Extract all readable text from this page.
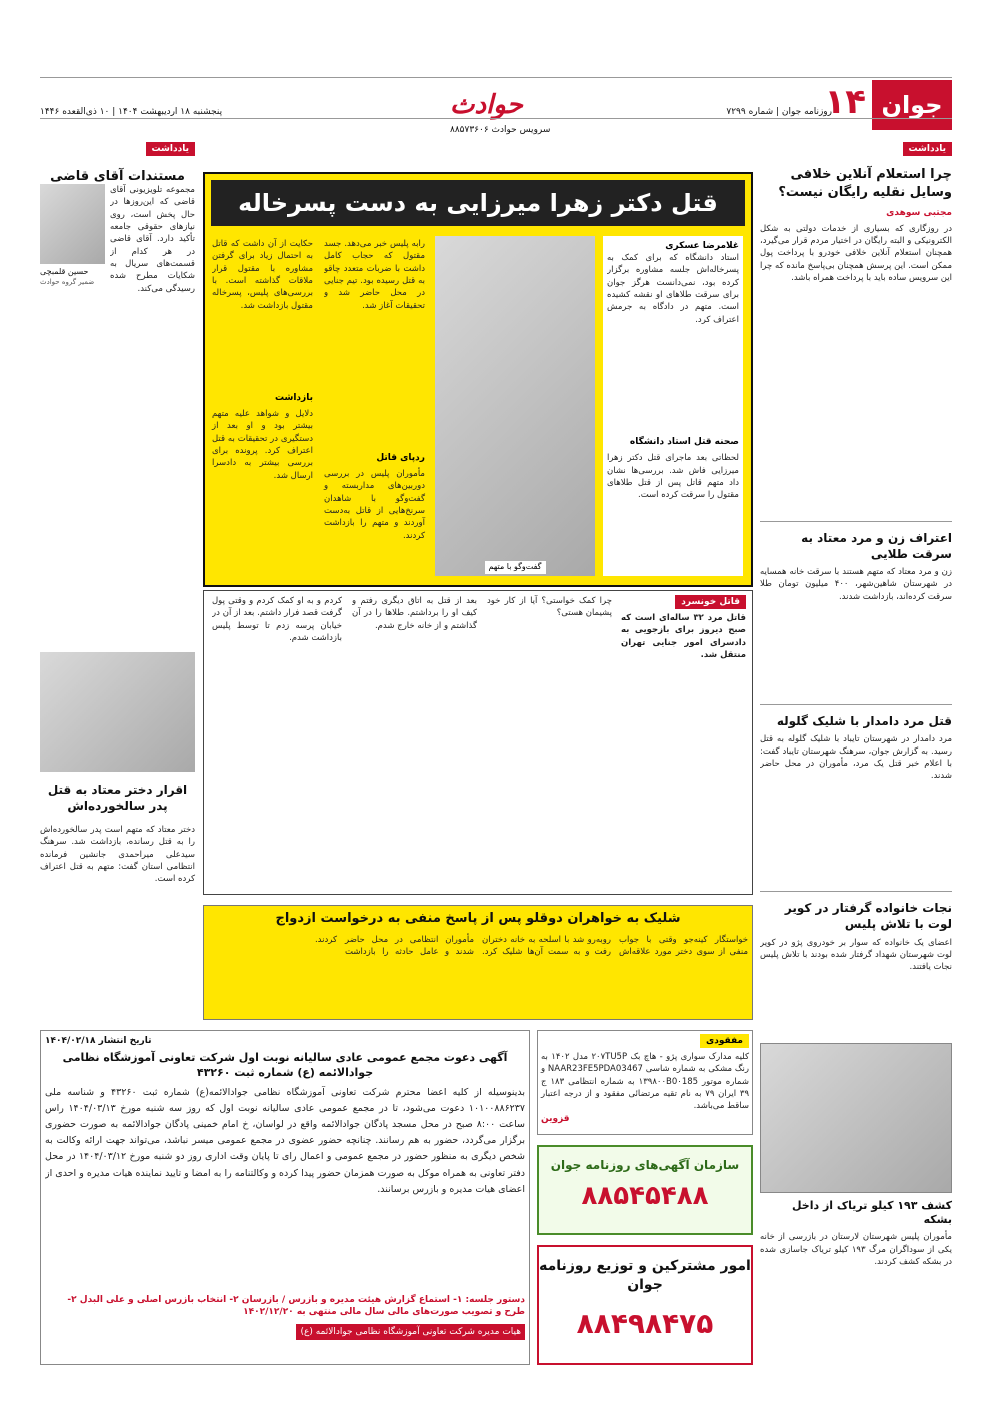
جوان
۱۴
حوادث
سرویس حوادث ۸۸۵۷۳۶۰۶
روزنامه جوان | شماره ۷۲۹۹
پنجشنبه ۱۸ اردیبهشت ۱۴۰۴ | ۱۰ ذی‌القعده ۱۴۴۶
یادداشت
چرا استعلام آنلاین خلافی وسایل نقلیه رایگان نیست؟
مجتبی سوهدی
در روزگاری که بسیاری از خدمات دولتی به شکل الکترونیکی و البته رایگان در اختیار مردم قرار می‌گیرد، همچنان استعلام آنلاین خلافی خودرو با پرداخت پول ممکن است. این پرسش همچنان بی‌پاسخ مانده که چرا این سرویس ساده باید با پرداخت همراه باشد.
اعتراف زن و مرد معتاد به سرقت طلایی
زن و مرد معتاد که متهم هستند با سرقت خانه همسایه در شهرستان شاهین‌شهر، ۴۰۰ میلیون تومان طلا سرقت کرده‌اند، بازداشت شدند.
قتل مرد دامدار با شلیک گلوله
مرد دامدار در شهرستان تایباد با شلیک گلوله به قتل رسید. به گزارش جوان، سرهنگ شهرستان تایباد گفت: با اعلام خبر قتل یک مرد، مأموران در محل حاضر شدند.
نجات خانواده گرفتار در کویر لوت با تلاش پلیس
اعضای یک خانواده که سوار بر خودروی پژو در کویر لوت شهرستان شهداد گرفتار شده بودند با تلاش پلیس نجات یافتند.
کشف ۱۹۳ کیلو تریاک از داخل بشکه
مأموران پلیس شهرستان لارستان در بازرسی از خانه یکی از سوداگران مرگ ۱۹۳ کیلو تریاک جاسازی شده در بشکه کشف کردند.
قتل دکتر زهرا میرزایی به دست پسرخاله
غلامرضا عسکری
استاد دانشگاه که برای کمک به پسرخاله‌اش جلسه مشاوره برگزار کرده بود، نمی‌دانست هرگز جوان برای سرقت طلاهای او نقشه کشیده است. متهم در دادگاه به جرمش اعتراف کرد.
صحنه قتل استاد دانشگاه
لحظاتی بعد ماجرای قتل دکتر زهرا میرزایی فاش شد. بررسی‌ها نشان داد متهم قاتل پس از قتل طلاهای مقتول را سرقت کرده است.
گفت‌وگو با متهم
رابه پلیس خبر می‌دهد. جسد مقتول که حجاب کامل داشت با ضربات متعدد چاقو به قتل رسیده بود. تیم جنایی در محل حاضر شد و تحقیقات آغاز شد.
ردپای قاتل
مأموران پلیس در بررسی دوربین‌های مداربسته و گفت‌وگو با شاهدان سرنخ‌هایی از قاتل به‌دست آوردند و متهم را بازداشت کردند.
حکایت از آن داشت که قاتل به احتمال زیاد برای گرفتن مشاوره با مقتول قرار ملاقات گذاشته است. با بررسی‌های پلیس، پسرخاله مقتول بازداشت شد.
بازداشت
دلایل و شواهد علیه متهم بیشتر بود و او بعد از دستگیری در تحقیقات به قتل اعتراف کرد. پرونده برای بررسی بیشتر به دادسرا ارسال شد.
قاتل خونسرد
قاتل مرد ۳۲ ساله‌ای است که صبح دیروز برای بازجویی به دادسرای امور جنایی تهران منتقل شد.
چرا کمک خواستی؟ آیا از کار خود پشیمان هستی؟
بعد از قتل به اتاق دیگری رفتم و کیف او را برداشتم. طلاها را در آن گذاشتم و از خانه خارج شدم.
کردم و به او کمک کردم و وقتی پول گرفت قصد فرار داشتم. بعد از آن در خیابان پرسه زدم تا توسط پلیس بازداشت شدم.
یادداشت
مستندات آقای قاضی
مجموعه تلویزیونی آقای قاضی که این‌روزها در حال پخش است، روی نیازهای حقوقی جامعه تأکید دارد. آقای قاضی در هر کدام از قسمت‌های سریال به شکایات مطرح شده رسیدگی می‌کند.
حسین قلمبچی
ضمیر گروه حوادث
اقرار دختر معتاد به قتل پدر سالخورده‌اش
دختر معتاد که متهم است پدر سالخورده‌اش را به قتل رسانده، بازداشت شد. سرهنگ سیدعلی میراحمدی جانشین فرمانده انتظامی استان گفت: متهم به قتل اعتراف کرده است.
شلیک به خواهران دوقلو پس از پاسخ منفی به درخواست ازدواج
خواستگار کینه‌جو وقتی با جواب منفی از سوی دختر مورد علاقه‌اش روبه‌رو شد با اسلحه به خانه دختران رفت و به سمت آن‌ها شلیک کرد. مأموران انتظامی در محل حاضر شدند و عامل حادثه را بازداشت کردند.
مفقودی
کلیه مدارک سواری پژو - هاچ بک ۲۰۷TU5P مدل ۱۴۰۲ به رنگ مشکی به شماره شاسی NAAR23FE5PDA03467 و شماره موتور ۱۳۹۸۰۰B0۰185 به شماره انتظامی ۱۸۳ ج ۳۹ ایران ۷۹ به نام تقیه مرتضائی مفقود و از درجه اعتبار ساقط می‌باشد.
قزوین
سازمان آگهی‌های روزنامه جوان
۸۸۵۴۵۴۸۸
امور مشترکین و توزیع روزنامه جوان
۸۸۴۹۸۴۷۵
تاریخ انتشار ۱۴۰۴/۰۲/۱۸
آگهی دعوت مجمع عمومی عادی سالیانه نوبت اول شرکت تعاونی آموزشگاه نظامی جوادالائمه (ع) شماره ثبت ۴۳۲۶۰
بدینوسیله از کلیه اعضا محترم شرکت تعاونی آموزشگاه نظامی جوادالائمه(ع) شماره ثبت ۴۳۲۶۰ و شناسه ملی ۱۰۱۰۰۸۸۶۲۳۷ دعوت می‌شود، تا در مجمع عمومی عادی سالیانه نوبت اول که روز سه شنبه مورخ ۱۴۰۴/۰۳/۱۳ راس ساعت ۸:۰۰ صبح در محل مسجد پادگان جوادالائمه واقع در لواسان، خ امام خمینی پادگان جوادالائمه به صورت حضوری برگزار می‌گردد، حضور به هم رسانند. چنانچه حضور عضوی در مجمع عمومی میسر نباشد، می‌تواند جهت ارائه وکالت به شخص دیگری به منظور حضور در مجمع عمومی و اعمال رای تا پایان وقت اداری روز دو شنبه مورخ ۱۴۰۴/۰۳/۱۲ در محل دفتر تعاونی به همراه موکل به صورت همزمان حضور پیدا کرده و وکالتنامه را به امضا و تایید نماینده هیات مدیره و احدی از اعضای هیات مدیره و بازرس برسانند.
دستور جلسه: ۱- استماع گزارش هیئت مدیره و بازرس / بازرسان ۲- انتخاب بازرس اصلی و علی البدل ۲- طرح و تصویب صورت‌های مالی سال مالی منتهی به ۱۴۰۲/۱۲/۲۰
هیات مدیره شرکت تعاونی آموزشگاه نظامی جوادالائمه (ع)
